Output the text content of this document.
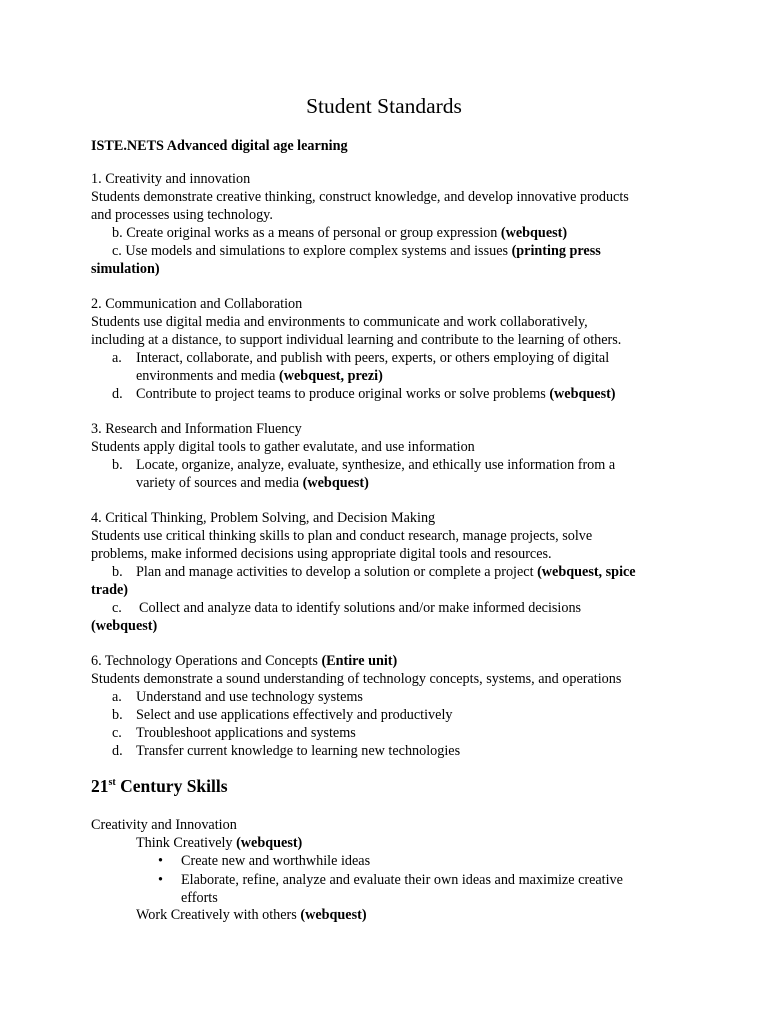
Student Standards
ISTE.NETS Advanced digital age learning
1. Creativity and innovation
Students demonstrate creative thinking, construct knowledge, and develop innovative products
and processes using technology.
b. Create original works as a means of personal or group expression (webquest)
c. Use models and simulations to explore complex systems and issues (printing press
simulation)
2. Communication and Collaboration
Students use digital media and environments to communicate and work collaboratively,
including at a distance, to support individual learning and contribute to the learning of others.
a. Interact, collaborate, and publish with peers, experts, or others employing of digital
environments and media (webquest, prezi)
d. Contribute to project teams to produce original works or solve problems (webquest)
3. Research and Information Fluency
Students apply digital tools to gather evalutate, and use information
b. Locate, organize, analyze, evaluate, synthesize, and ethically use information from a
variety of sources and media (webquest)
4. Critical Thinking, Problem Solving, and Decision Making
Students use critical thinking skills to plan and conduct research, manage projects, solve
problems, make informed decisions using appropriate digital tools and resources.
b. Plan and manage activities to develop a solution or complete a project (webquest, spice
trade)
c. Collect and analyze data to identify solutions and/or make informed decisions
(webquest)
6. Technology Operations and Concepts (Entire unit)
Students demonstrate a sound understanding of technology concepts, systems, and operations
a. Understand and use technology systems
b. Select and use applications effectively and productively
c. Troubleshoot applications and systems
d. Transfer current knowledge to learning new technologies
21st Century Skills
Creativity and Innovation
Think Creatively (webquest)
• Create new and worthwhile ideas
• Elaborate, refine, analyze and evaluate their own ideas and maximize creative
efforts
Work Creatively with others (webquest)
